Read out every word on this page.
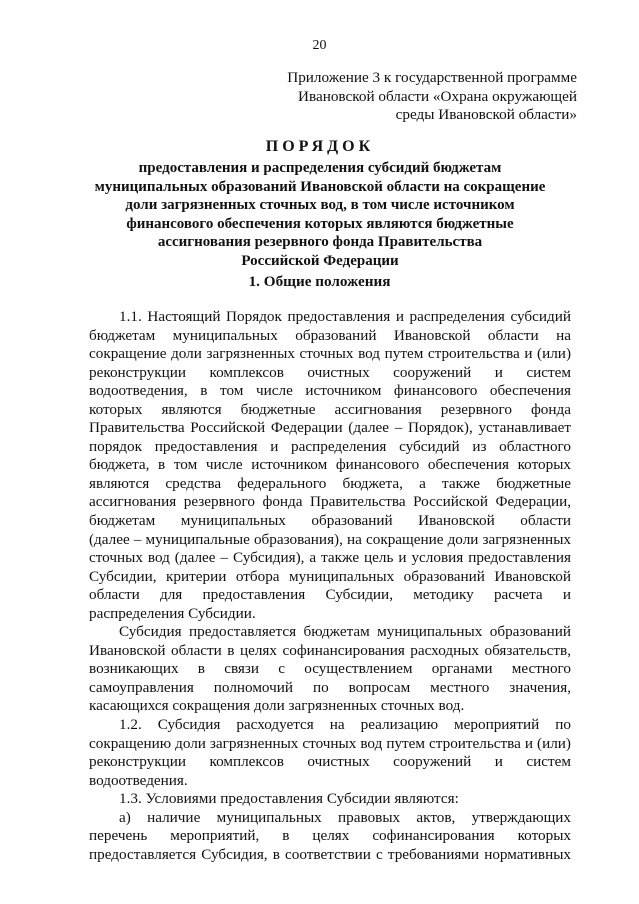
20
Приложение 3 к государственной программе
Ивановской области «Охрана окружающей
среды Ивановской области»
ПОРЯДОК
предоставления и распределения субсидий бюджетам
муниципальных образований Ивановской области на сокращение
доли загрязненных сточных вод, в том числе источником
финансового обеспечения которых являются бюджетные
ассигнования резервного фонда Правительства
Российской Федерации
1. Общие положения
1.1. Настоящий Порядок предоставления и распределения субсидий
бюджетам муниципальных образований Ивановской области на
сокращение доли загрязненных сточных вод путем строительства и (или)
реконструкции комплексов очистных сооружений и систем
водоотведения, в том числе источником финансового обеспечения
которых являются бюджетные ассигнования резервного фонда
Правительства Российской Федерации (далее – Порядок), устанавливает
порядок предоставления и распределения субсидий из областного
бюджета, в том числе источником финансового обеспечения которых
являются средства федерального бюджета, а также бюджетные
ассигнования резервного фонда Правительства Российской Федерации,
бюджетам муниципальных образований Ивановской области
(далее – муниципальные образования), на сокращение доли загрязненных
сточных вод (далее – Субсидия), а также цель и условия предоставления
Субсидии, критерии отбора муниципальных образований Ивановской
области для предоставления Субсидии, методику расчета и
распределения Субсидии.
Субсидия предоставляется бюджетам муниципальных образований
Ивановской области в целях софинансирования расходных обязательств,
возникающих в связи с осуществлением органами местного
самоуправления полномочий по вопросам местного значения,
касающихся сокращения доли загрязненных сточных вод.
1.2. Субсидия расходуется на реализацию мероприятий по
сокращению доли загрязненных сточных вод путем строительства и (или)
реконструкции комплексов очистных сооружений и систем
водоотведения.
1.3. Условиями предоставления Субсидии являются:
а) наличие муниципальных правовых актов, утверждающих
перечень мероприятий, в целях софинансирования которых
предоставляется Субсидия, в соответствии с требованиями нормативных
